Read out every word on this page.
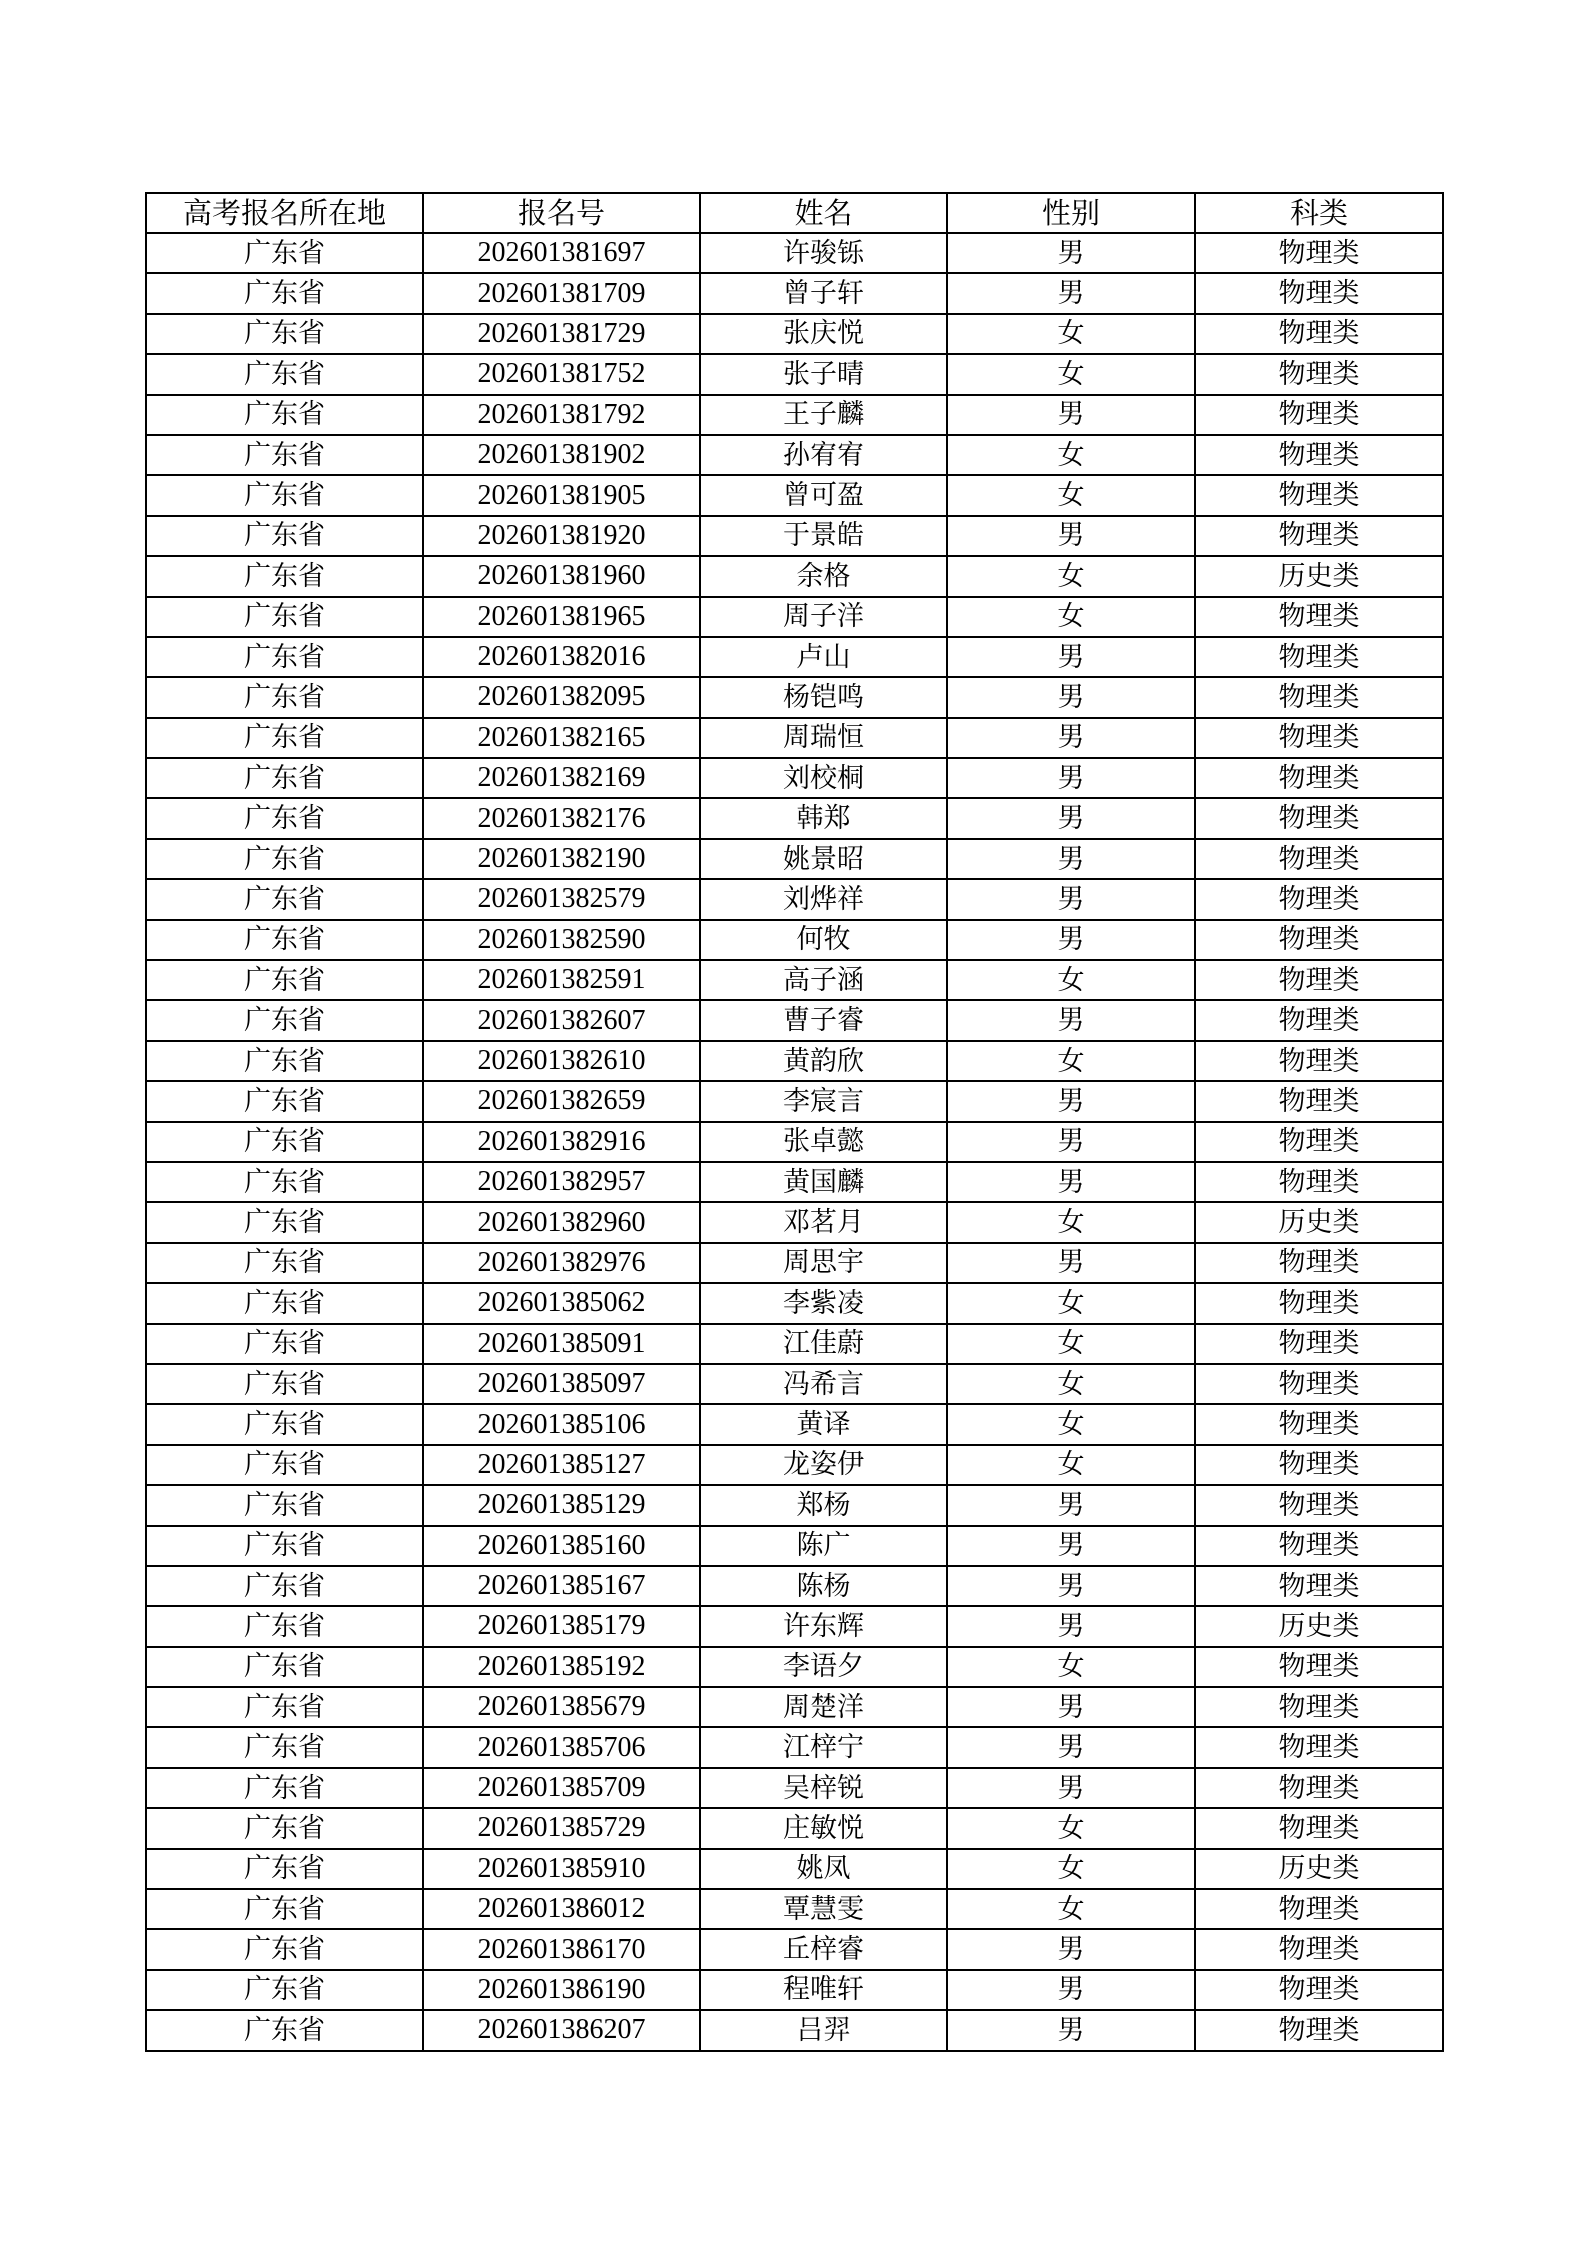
高考报名所在地	报名号	姓名	性别	科类
广东省	202601381697	许骏铄	男	物理类
广东省	202601381709	曾子轩	男	物理类
广东省	202601381729	张庆悦	女	物理类
广东省	202601381752	张子晴	女	物理类
广东省	202601381792	王子麟	男	物理类
广东省	202601381902	孙宥宥	女	物理类
广东省	202601381905	曾可盈	女	物理类
广东省	202601381920	于景皓	男	物理类
广东省	202601381960	余格	女	历史类
广东省	202601381965	周子洋	女	物理类
广东省	202601382016	卢山	男	物理类
广东省	202601382095	杨铠鸣	男	物理类
广东省	202601382165	周瑞恒	男	物理类
广东省	202601382169	刘校桐	男	物理类
广东省	202601382176	韩郑	男	物理类
广东省	202601382190	姚景昭	男	物理类
广东省	202601382579	刘烨祥	男	物理类
广东省	202601382590	何牧	男	物理类
广东省	202601382591	高子涵	女	物理类
广东省	202601382607	曹子睿	男	物理类
广东省	202601382610	黄韵欣	女	物理类
广东省	202601382659	李宸言	男	物理类
广东省	202601382916	张卓懿	男	物理类
广东省	202601382957	黄国麟	男	物理类
广东省	202601382960	邓茗月	女	历史类
广东省	202601382976	周思宇	男	物理类
广东省	202601385062	李紫凌	女	物理类
广东省	202601385091	江佳蔚	女	物理类
广东省	202601385097	冯希言	女	物理类
广东省	202601385106	黄译	女	物理类
广东省	202601385127	龙姿伊	女	物理类
广东省	202601385129	郑杨	男	物理类
广东省	202601385160	陈广	男	物理类
广东省	202601385167	陈杨	男	物理类
广东省	202601385179	许东辉	男	历史类
广东省	202601385192	李语夕	女	物理类
广东省	202601385679	周楚洋	男	物理类
广东省	202601385706	江梓宁	男	物理类
广东省	202601385709	吴梓锐	男	物理类
广东省	202601385729	庄敏悦	女	物理类
广东省	202601385910	姚凤	女	历史类
广东省	202601386012	覃慧雯	女	物理类
广东省	202601386170	丘梓睿	男	物理类
广东省	202601386190	程唯轩	男	物理类
广东省	202601386207	吕羿	男	物理类
